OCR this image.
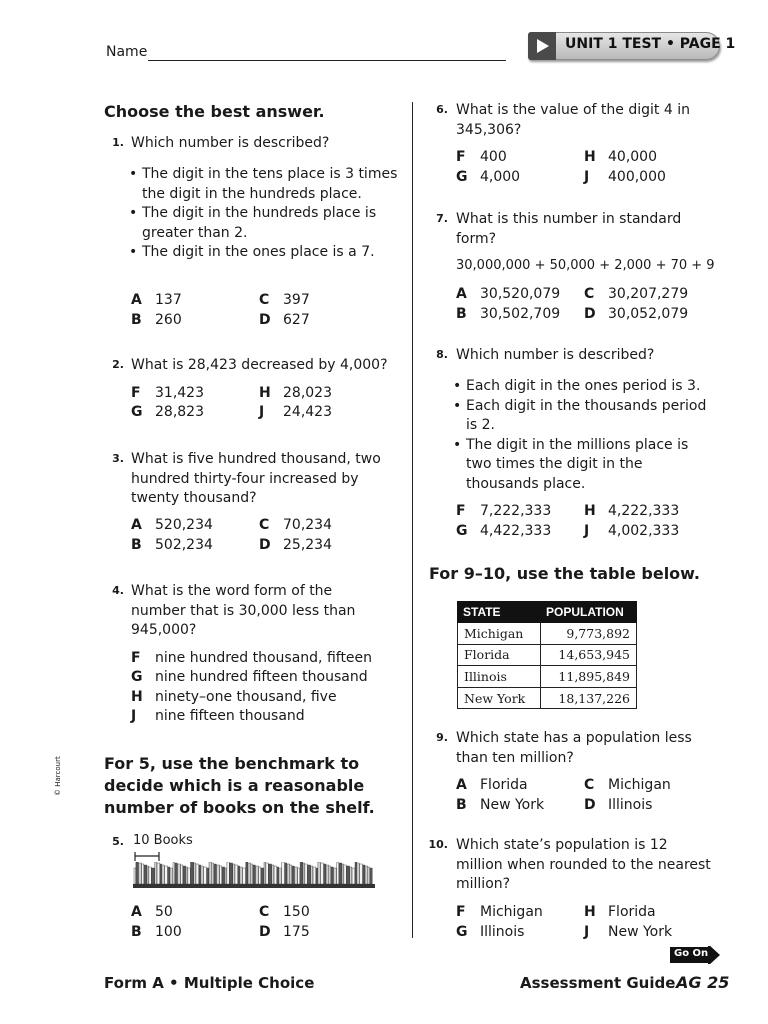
Name	UNIT 1 TEST • PAGE 1
Choose the best answer.
1. Which number is described?
• The digit in the tens place is 3 times the digit in the hundreds place.
• The digit in the hundreds place is greater than 2.
• The digit in the ones place is a 7.
A 137	C 397
B 260	D 627
2. What is 28,423 decreased by 4,000?
F 31,423	H 28,023
G 28,823	J 24,423
3. What is five hundred thousand, two hundred thirty-four increased by twenty thousand?
A 520,234	C 70,234
B 502,234	D 25,234
4. What is the word form of the number that is 30,000 less than 945,000?
F nine hundred thousand, fifteen
G nine hundred fifteen thousand
H ninety–one thousand, five
J nine fifteen thousand
For 5, use the benchmark to decide which is a reasonable number of books on the shelf.
5. 10 Books
A 50	C 150
B 100	D 175
6. What is the value of the digit 4 in 345,306?
F 400	H 40,000
G 4,000	J 400,000
7. What is this number in standard form?
30,000,000 + 50,000 + 2,000 + 70 + 9
A 30,520,079 C 30,207,279
B 30,502,709 D 30,052,079
8. Which number is described?
• Each digit in the ones period is 3.
• Each digit in the thousands period is 2.
• The digit in the millions place is two times the digit in the thousands place.
F 7,222,333 H 4,222,333
G 4,422,333 J 4,002,333
For 9–10, use the table below.
STATE	POPULATION
Michigan	9,773,892
Florida	14,653,945
Illinois	11,895,849
New York	18,137,226
9. Which state has a population less than ten million?
A Florida	C Michigan
B New York	D Illinois
10. Which state’s population is 12 million when rounded to the nearest million?
F Michigan	H Florida
G Illinois	J New York
Go On
Form A • Multiple Choice	Assessment Guide AG 25
© Harcourt
